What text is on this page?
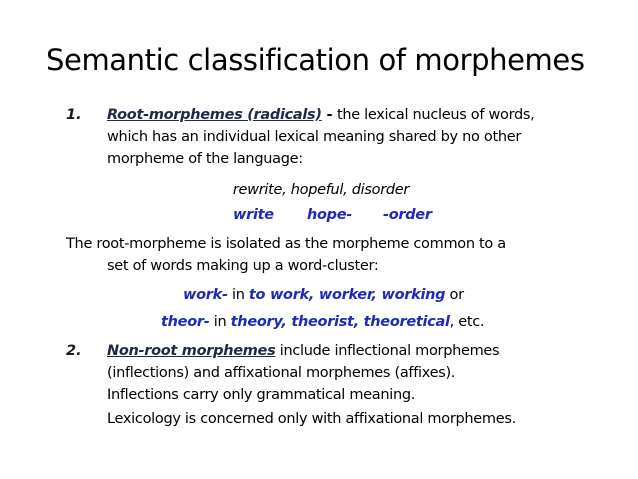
Semantic classification of morphemes
1. Root-morphemes (radicals) - the lexical nucleus of words,
which has an individual lexical meaning shared by no other
morpheme of the language:
rewrite, hopeful, disorder
write hope- -order
The root-morpheme is isolated as the morpheme common to a
set of words making up a word-cluster:
work- in to work, worker, working or
theor- in theory, theorist, theoretical, etc.
2. Non-root morphemes include inflectional morphemes
(inflections) and affixational morphemes (affixes).
Inflections carry only grammatical meaning.
Lexicology is concerned only with affixational morphemes.
